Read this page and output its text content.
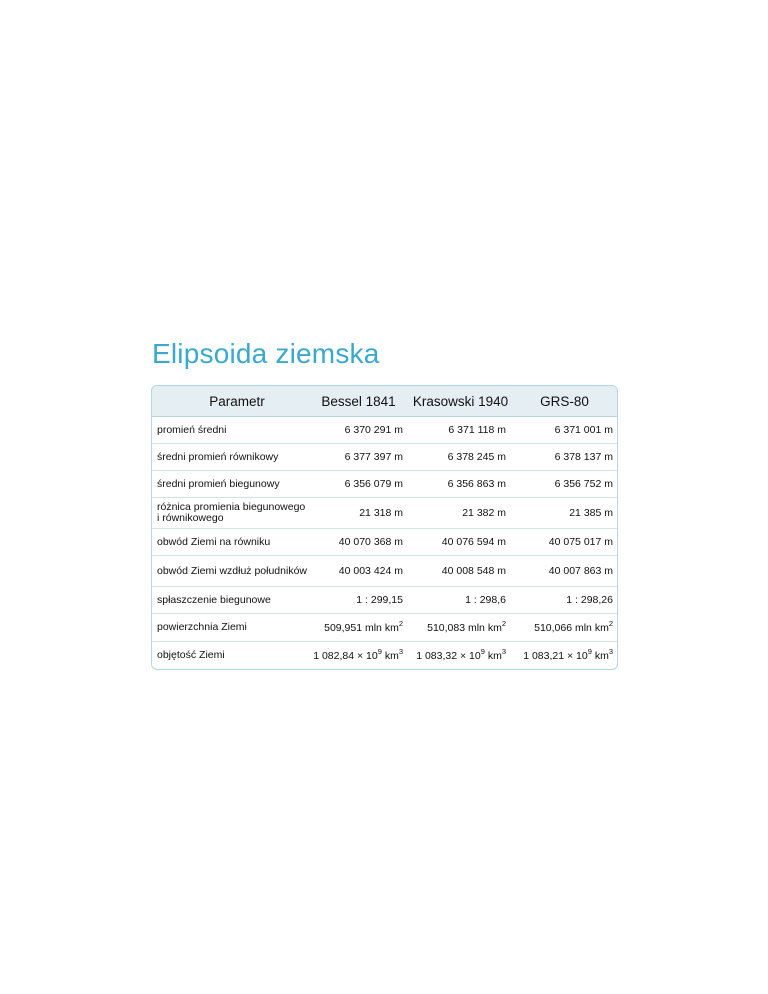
Elipsoida ziemska
Parametr	Bessel 1841	Krasowski 1940	GRS-80
promień średni	6 370 291 m	6 371 118 m	6 371 001 m
średni promień równikowy	6 377 397 m	6 378 245 m	6 378 137 m
średni promień biegunowy	6 356 079 m	6 356 863 m	6 356 752 m
różnica promienia biegunowego i równikowego	21 318 m	21 382 m	21 385 m
obwód Ziemi na równiku	40 070 368 m	40 076 594 m	40 075 017 m
obwód Ziemi wzdłuż południków	40 003 424 m	40 008 548 m	40 007 863 m
spłaszczenie biegunowe	1 : 299,15	1 : 298,6	1 : 298,26
powierzchnia Ziemi	509,951 mln $km^2$	510,083 mln $km^2$	510,066 mln $km^2$
objętość Ziemi	1 $082,84 \times 10^9$ $km^3$	1 $083,32 \times 10^9$ $km^3$	1 $083,21 \times 10^9$ $km^3$
